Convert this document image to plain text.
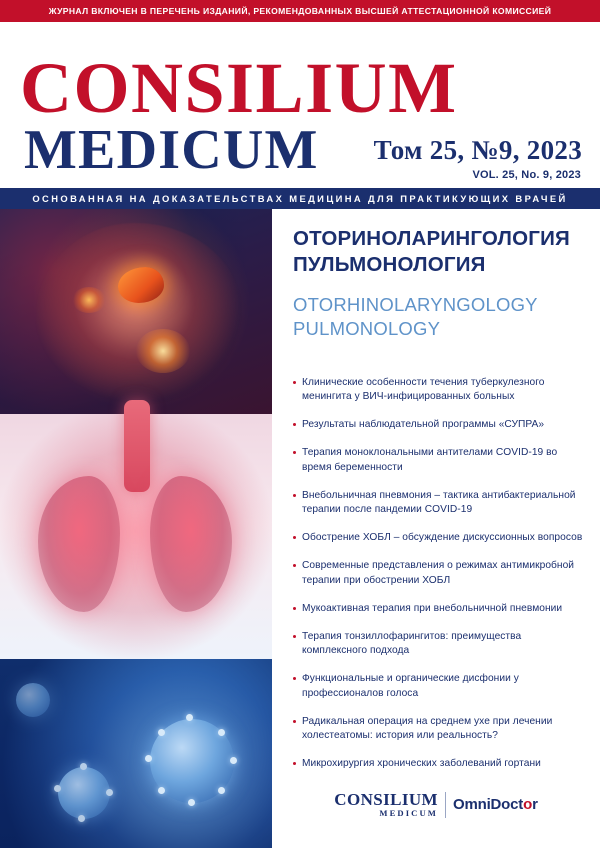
ЖУРНАЛ ВКЛЮЧЕН В ПЕРЕЧЕНЬ ИЗДАНИЙ, РЕКОМЕНДОВАННЫХ ВЫСШЕЙ АТТЕСТАЦИОННОЙ КОМИССИЕЙ
CONSILIUM
MEDICUM Том 25, №9, 2023
VOL. 25, No. 9, 2023
ОСНОВАННАЯ НА ДОКАЗАТЕЛЬСТВАХ МЕДИЦИНА ДЛЯ ПРАКТИКУЮЩИХ ВРАЧЕЙ
ОТОРИНОЛАРИНГОЛОГИЯ
ПУЛЬМОНОЛОГИЯ
OTORHINOLARYNGOLOGY
PULMONOLOGY
Клинические особенности течения туберкулезного менингита у ВИЧ-инфицированных больных
Результаты наблюдательной программы «СУПРА»
Терапия моноклональными антителами COVID-19 во время беременности
Внебольничная пневмония – тактика антибактериальной терапии после пандемии COVID-19
Обострение ХОБЛ – обсуждение дискуссионных вопросов
Современные представления о режимах антимикробной терапии при обострении ХОБЛ
Мукоактивная терапия при внебольничной пневмонии
Терапия тонзиллофарингитов: преимущества комплексного подхода
Функциональные и органические дисфонии у профессионалов голоса
Радикальная операция на среднем ухе при лечении холестеатомы: история или реальность?
Микрохирургия хронических заболеваний гортани
CONSILIUM
MEDICUM
OmniDoctor
